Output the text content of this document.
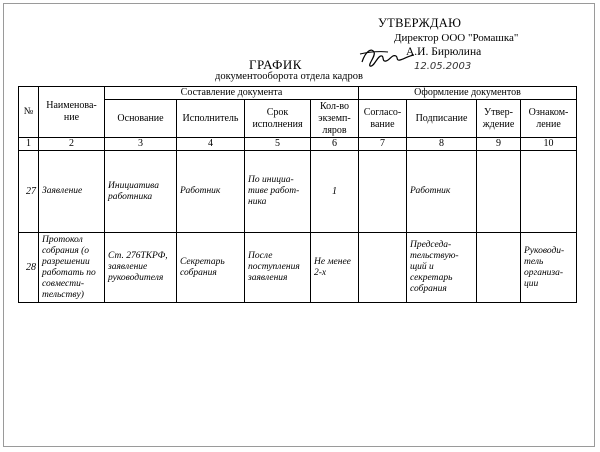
УТВЕРЖДАЮ
Директор ООО "Ромашка"
А.И. Бирюлина
12.05.2003
ГРАФИК
документооборота отдела кадров
№	Наименова-ние	Составление документа				Оформление документов			
		Основание	Исполнитель	Срок исполнения	Кол-во экземп-ляров	Согласо-вание	Подписание	Утвер-ждение	Ознаком-ление
1	2	3	4	5	6	7	8	9	10
27	Заявление	Инициатива работника	Работник	По инициа-тиве работ-ника	1		Работник		
28	Протокол собрания (о разрешении работать по совмести-тельству)	Ст. 276ТКРФ, заявление руководителя	Секретарь собрания	После поступления заявления	Не менее 2-х		Председа-тельствую-щий и секретарь собрания		Руководи-тель организа-ции
